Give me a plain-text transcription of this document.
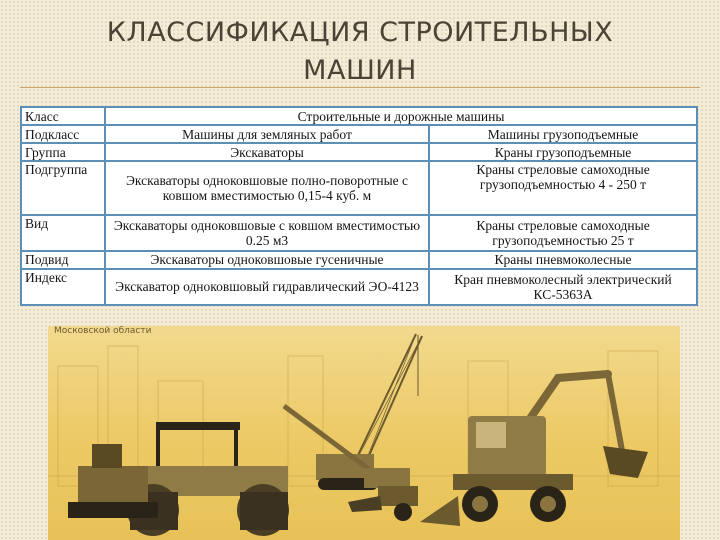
КЛАССИФИКАЦИЯ СТРОИТЕЛЬНЫХ
МАШИН
Класс	Строительные и дорожные машины	
Подкласс	Машины для земляных работ	Машины грузоподъемные
Группа	Экскаваторы	Краны грузоподъемные
Подгруппа	Экскаваторы одноковшовые полно-поворотные с ковшом вместимостью 0,15-4 куб. м	Краны стреловые самоходные грузоподъемностью 4 - 250 т
Вид	Экскаваторы одноковшовые с ковшом вместимостью 0.25 м3	Краны стреловые самоходные грузоподъемностью 25 т
Подвид	Экскаваторы одноковшовые гусеничные	Краны пневмоколесные
Индекс	Экскаватор одноковшовый гидравлический ЭО-4123	Кран пневмоколесный электрический КС-5363А
Московской области
